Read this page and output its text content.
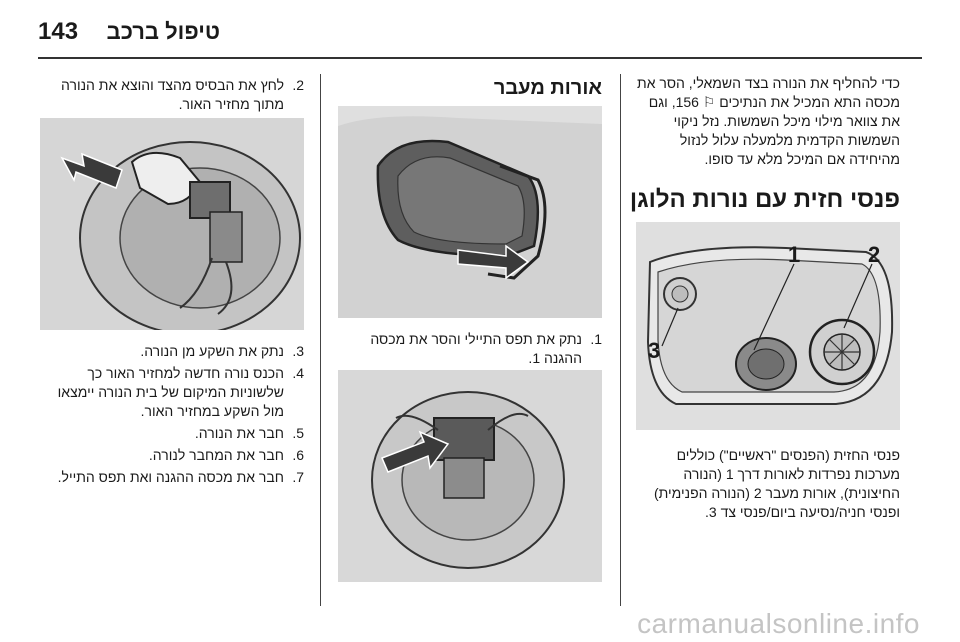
143 טיפול ברכב
כדי להחליף את הנורה בצד השמאלי, הסר את מכסה התא המכיל את הנתיכים ⚐ 156, וגם את צוואר מילוי מיכל השמשות. נזל ניקוי השמשות הקדמית מלמעלה עלול לנזול מהיחידה אם המיכל מלא עד סופו.
פנסי חזית עם נורות הלוגן
1	2
3
פנסי החזית (הפנסים "ראשיים") כוללים מערכות נפרדות לאורות דרך 1 (הנורה החיצונית), אורות מעבר 2 (הנורה הפנימית) ופנסי חניה/נסיעה ביום/פנסי צד 3.
אורות מעבר
1.
נתק את תפס התיילי והסר את מכסה ההגנה 1.
2.
לחץ את הבסיס מהצד והוצא את הנורה מתוך מחזיר האור.
3.
נתק את השקע מן הנורה.
4.
הכנס נורה חדשה למחזיר האור כך שלשוניות המיקום של בית הנורה יימצאו מול השקע במחזיר האור.
5.
חבר את הנורה.
6.
חבר את המחבר לנורה.
7.
חבר את מכסה ההגנה ואת תפס התייל.
carmanualsonline.info
